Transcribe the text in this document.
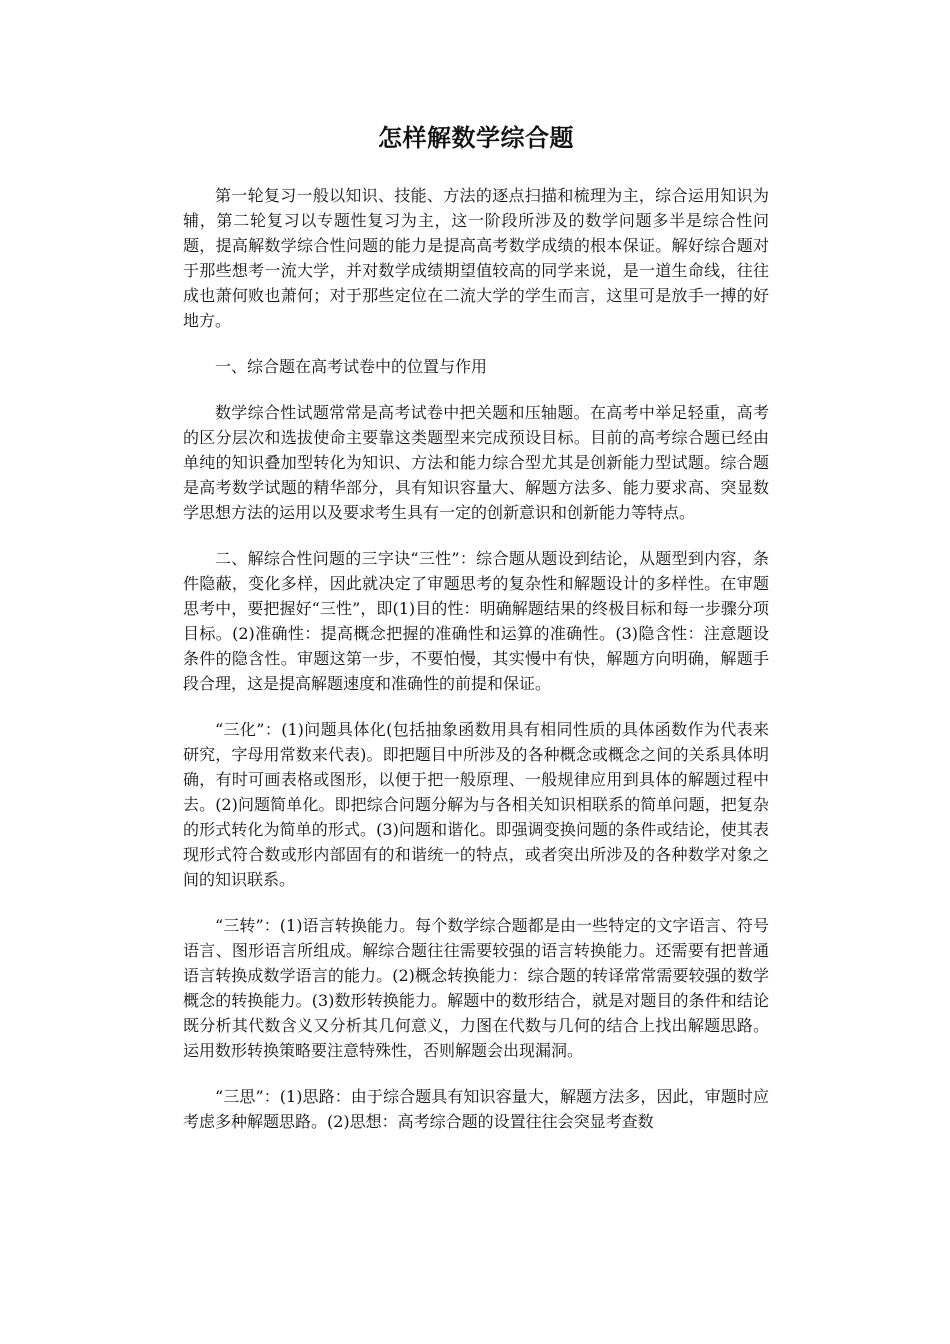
怎样解数学综合题

第一轮复习一般以知识、技能、方法的逐点扫描和梳理为主，综合运用知识为辅，第二轮复习以专题性复习为主，这一阶段所涉及的数学问题多半是综合性问题，提高解数学综合性问题的能力是提高高考数学成绩的根本保证。解好综合题对于那些想考一流大学，并对数学成绩期望值较高的同学来说，是一道生命线，往往成也萧何败也萧何；对于那些定位在二流大学的学生而言，这里可是放手一搏的好地方。

一、综合题在高考试卷中的位置与作用

数学综合性试题常常是高考试卷中把关题和压轴题。在高考中举足轻重，高考的区分层次和选拔使命主要靠这类题型来完成预设目标。目前的高考综合题已经由单纯的知识叠加型转化为知识、方法和能力综合型尤其是创新能力型试题。综合题是高考数学试题的精华部分，具有知识容量大、解题方法多、能力要求高、突显数学思想方法的运用以及要求考生具有一定的创新意识和创新能力等特点。

二、解综合性问题的三字诀“三性”：综合题从题设到结论，从题型到内容，条件隐蔽，变化多样，因此就决定了审题思考的复杂性和解题设计的多样性。在审题思考中，要把握好“三性”，即(1)目的性：明确解题结果的终极目标和每一步骤分项目标。(2)准确性：提高概念把握的准确性和运算的准确性。(3)隐含性：注意题设条件的隐含性。审题这第一步，不要怕慢，其实慢中有快，解题方向明确，解题手段合理，这是提高解题速度和准确性的前提和保证。

“三化”：(1)问题具体化(包括抽象函数用具有相同性质的具体函数作为代表来研究，字母用常数来代表)。即把题目中所涉及的各种概念或概念之间的关系具体明确，有时可画表格或图形，以便于把一般原理、一般规律应用到具体的解题过程中去。(2)问题简单化。即把综合问题分解为与各相关知识相联系的简单问题，把复杂的形式转化为简单的形式。(3)问题和谐化。即强调变换问题的条件或结论，使其表现形式符合数或形内部固有的和谐统一的特点，或者突出所涉及的各种数学对象之间的知识联系。

“三转”：(1)语言转换能力。每个数学综合题都是由一些特定的文字语言、符号语言、图形语言所组成。解综合题往往需要较强的语言转换能力。还需要有把普通语言转换成数学语言的能力。(2)概念转换能力：综合题的转译常常需要较强的数学概念的转换能力。(3)数形转换能力。解题中的数形结合，就是对题目的条件和结论既分析其代数含义又分析其几何意义，力图在代数与几何的结合上找出解题思路。运用数形转换策略要注意特殊性，否则解题会出现漏洞。

“三思”：(1)思路：由于综合题具有知识容量大，解题方法多，因此，审题时应考虑多种解题思路。(2)思想：高考综合题的设置往往会突显考查数
